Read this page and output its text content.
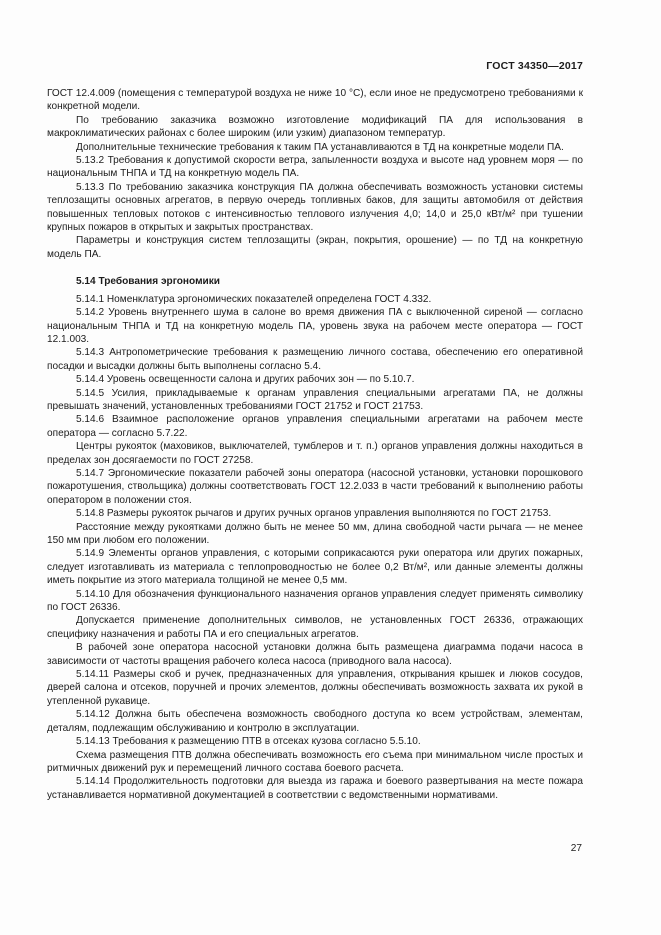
ГОСТ 34350—2017

ГОСТ 12.4.009 (помещения с температурой воздуха не ниже 10 °С), если иное не предусмотрено требованиями к конкретной модели.

По требованию заказчика возможно изготовление модификаций ПА для использования в макроклиматических районах с более широким (или узким) диапазоном температур.

Дополнительные технические требования к таким ПА устанавливаются в ТД на конкретные модели ПА.

5.13.2 Требования к допустимой скорости ветра, запыленности воздуха и высоте над уровнем моря — по национальным ТНПА и ТД на конкретную модель ПА.

5.13.3 По требованию заказчика конструкция ПА должна обеспечивать возможность установки системы теплозащиты основных агрегатов, в первую очередь топливных баков, для защиты автомобиля от действия повышенных тепловых потоков с интенсивностью теплового излучения 4,0; 14,0 и 25,0 кВт/м² при тушении крупных пожаров в открытых и закрытых пространствах.

Параметры и конструкция систем теплозащиты (экран, покрытия, орошение) — по ТД на конкретную модель ПА.

5.14 Требования эргономики

5.14.1 Номенклатура эргономических показателей определена ГОСТ 4.332.

5.14.2 Уровень внутреннего шума в салоне во время движения ПА с выключенной сиреной — согласно национальным ТНПА и ТД на конкретную модель ПА, уровень звука на рабочем месте оператора — ГОСТ 12.1.003.

5.14.3 Антропометрические требования к размещению личного состава, обеспечению его оперативной посадки и высадки должны быть выполнены согласно 5.4.

5.14.4 Уровень освещенности салона и других рабочих зон — по 5.10.7.

5.14.5 Усилия, прикладываемые к органам управления специальными агрегатами ПА, не должны превышать значений, установленных требованиями ГОСТ 21752 и ГОСТ 21753.

5.14.6 Взаимное расположение органов управления специальными агрегатами на рабочем месте оператора — согласно 5.7.22.

Центры рукояток (маховиков, выключателей, тумблеров и т. п.) органов управления должны находиться в пределах зон досягаемости по ГОСТ 27258.

5.14.7 Эргономические показатели рабочей зоны оператора (насосной установки, установки порошкового пожаротушения, ствольщика) должны соответствовать ГОСТ 12.2.033 в части требований к выполнению работы оператором в положении стоя.

5.14.8 Размеры рукояток рычагов и других ручных органов управления выполняются по ГОСТ 21753.

Расстояние между рукоятками должно быть не менее 50 мм, длина свободной части рычага — не менее 150 мм при любом его положении.

5.14.9 Элементы органов управления, с которыми соприкасаются руки оператора или других пожарных, следует изготавливать из материала с теплопроводностью не более 0,2 Вт/м², или данные элементы должны иметь покрытие из этого материала толщиной не менее 0,5 мм.

5.14.10 Для обозначения функционального назначения органов управления следует применять символику по ГОСТ 26336.

Допускается применение дополнительных символов, не установленных ГОСТ 26336, отражающих специфику назначения и работы ПА и его специальных агрегатов.

В рабочей зоне оператора насосной установки должна быть размещена диаграмма подачи насоса в зависимости от частоты вращения рабочего колеса насоса (приводного вала насоса).

5.14.11 Размеры скоб и ручек, предназначенных для управления, открывания крышек и люков сосудов, дверей салона и отсеков, поручней и прочих элементов, должны обеспечивать возможность захвата их рукой в утепленной рукавице.

5.14.12 Должна быть обеспечена возможность свободного доступа ко всем устройствам, элементам, деталям, подлежащим обслуживанию и контролю в эксплуатации.

5.14.13 Требования к размещению ПТВ в отсеках кузова согласно 5.5.10.

Схема размещения ПТВ должна обеспечивать возможность его съема при минимальном числе простых и ритмичных движений рук и перемещений личного состава боевого расчета.

5.14.14 Продолжительность подготовки для выезда из гаража и боевого развертывания на месте пожара устанавливается нормативной документацией в соответствии с ведомственными нормативами.

27
